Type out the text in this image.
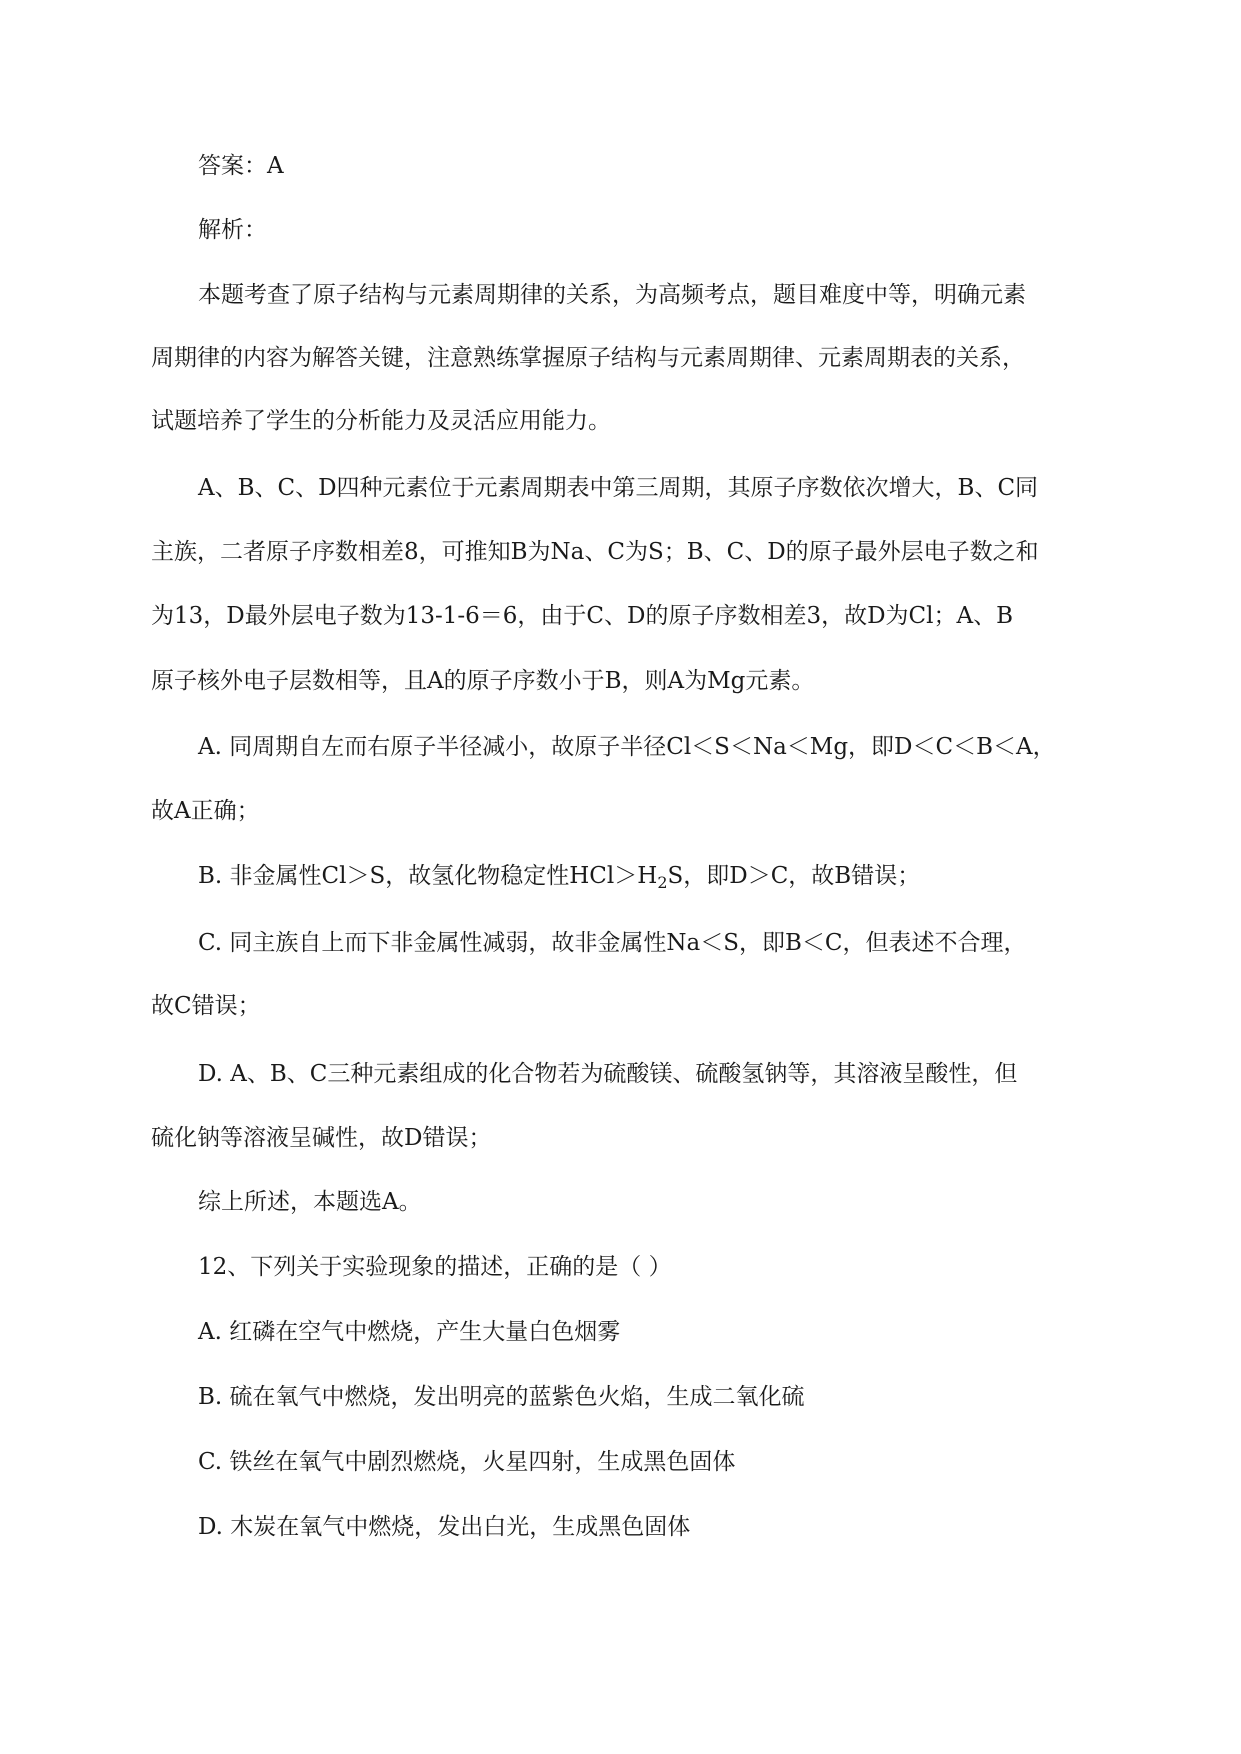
答案：A
解析：
本题考查了原子结构与元素周期律的关系，为高频考点，题目难度中等，明确元素
周期律的内容为解答关键，注意熟练掌握原子结构与元素周期律、元素周期表的关系，
试题培养了学生的分析能力及灵活应用能力。
A、B、C、D四种元素位于元素周期表中第三周期，其原子序数依次增大，B、C同
主族，二者原子序数相差8，可推知B为Na、C为S；B、C、D的原子最外层电子数之和
为13，D最外层电子数为13-1-6＝6，由于C、D的原子序数相差3，故D为Cl；A、B
原子核外电子层数相等，且A的原子序数小于B，则A为Mg元素。
A. 同周期自左而右原子半径减小，故原子半径Cl＜S＜Na＜Mg，即D＜C＜B＜A，
故A正确；
B. 非金属性Cl＞S，故氢化物稳定性$HCl>H_2S$，即D＞C，故B错误；
C. 同主族自上而下非金属性减弱，故非金属性Na＜S，即B＜C，但表述不合理，
故C错误；
D. A、B、C三种元素组成的化合物若为硫酸镁、硫酸氢钠等，其溶液呈酸性，但
硫化钠等溶液呈碱性，故D错误；
综上所述，本题选A。
12、下列关于实验现象的描述，正确的是（ ）
A. 红磷在空气中燃烧，产生大量白色烟雾
B. 硫在氧气中燃烧，发出明亮的蓝紫色火焰，生成二氧化硫
C. 铁丝在氧气中剧烈燃烧，火星四射，生成黑色固体
D. 木炭在氧气中燃烧，发出白光，生成黑色固体
